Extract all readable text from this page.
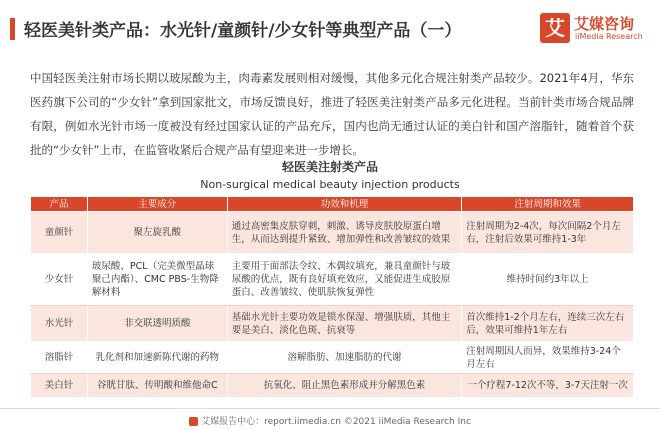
轻医美针类产品：水光针/童颜针/少女针等典型产品（一）	艾 艾媒咨询
iiMedia Research
中国轻医美注射市场长期以玻尿酸为主，肉毒素发展则相对缓慢，其他多元化合规注射类产品较少。2021年4月，华东医药旗下公司的“少女针”拿到国家批文，市场反馈良好，推进了轻医美注射类产品多元化进程。当前针类市场合规品牌有限，例如水光针市场一度被没有经过国家认证的产品充斥，国内也尚无通过认证的美白针和国产溶脂针，随着首个获批的“少女针”上市，在监管收紧后合规产品有望迎来进一步增长。
轻医美注射类产品
Non-surgical medical beauty injection products
产品	主要成分	功效和机理	注射周期和效果
童颜针	聚左旋乳酸	通过高密集皮肤穿刺，刺激、诱导皮肤胶原蛋白增生，从而达到提升紧致、增加弹性和改善皱纹的效果	注射周期为2-4次，每次间隔2个月左右，注射后效果可维持1-3年
少女针	玻尿酸、PCL（完美微型晶球聚己内酯）、CMC PBS-生物降解材料	主要用于面部法令纹、木偶纹填充，兼具童颜针与玻尿酸的优点，既有良好填充效应，又能促进生成胶原蛋白、改善皱纹、使肌肤恢复弹性	维持时间约3年以上
水光针	非交联透明质酸	基础水光针主要功效是锁水保湿、增强肤质，其他主要是美白、淡化色斑、抗衰等	首次维持1-2个月左右，连续三次左右后，效果可维持1年左右
溶脂针	乳化剂和加速新陈代谢的药物	溶解脂肪、加速脂肪的代谢	注射周期因人而异，效果维持3-24个月左右
美白针	谷胱甘肽、传明酸和维他命C	抗氧化、阻止黑色素形成并分解黑色素	一个疗程7-12次不等，3-7天注射一次
艾媒报告中心：report.iimedia.cn ©2021 iiMedia Research Inc
